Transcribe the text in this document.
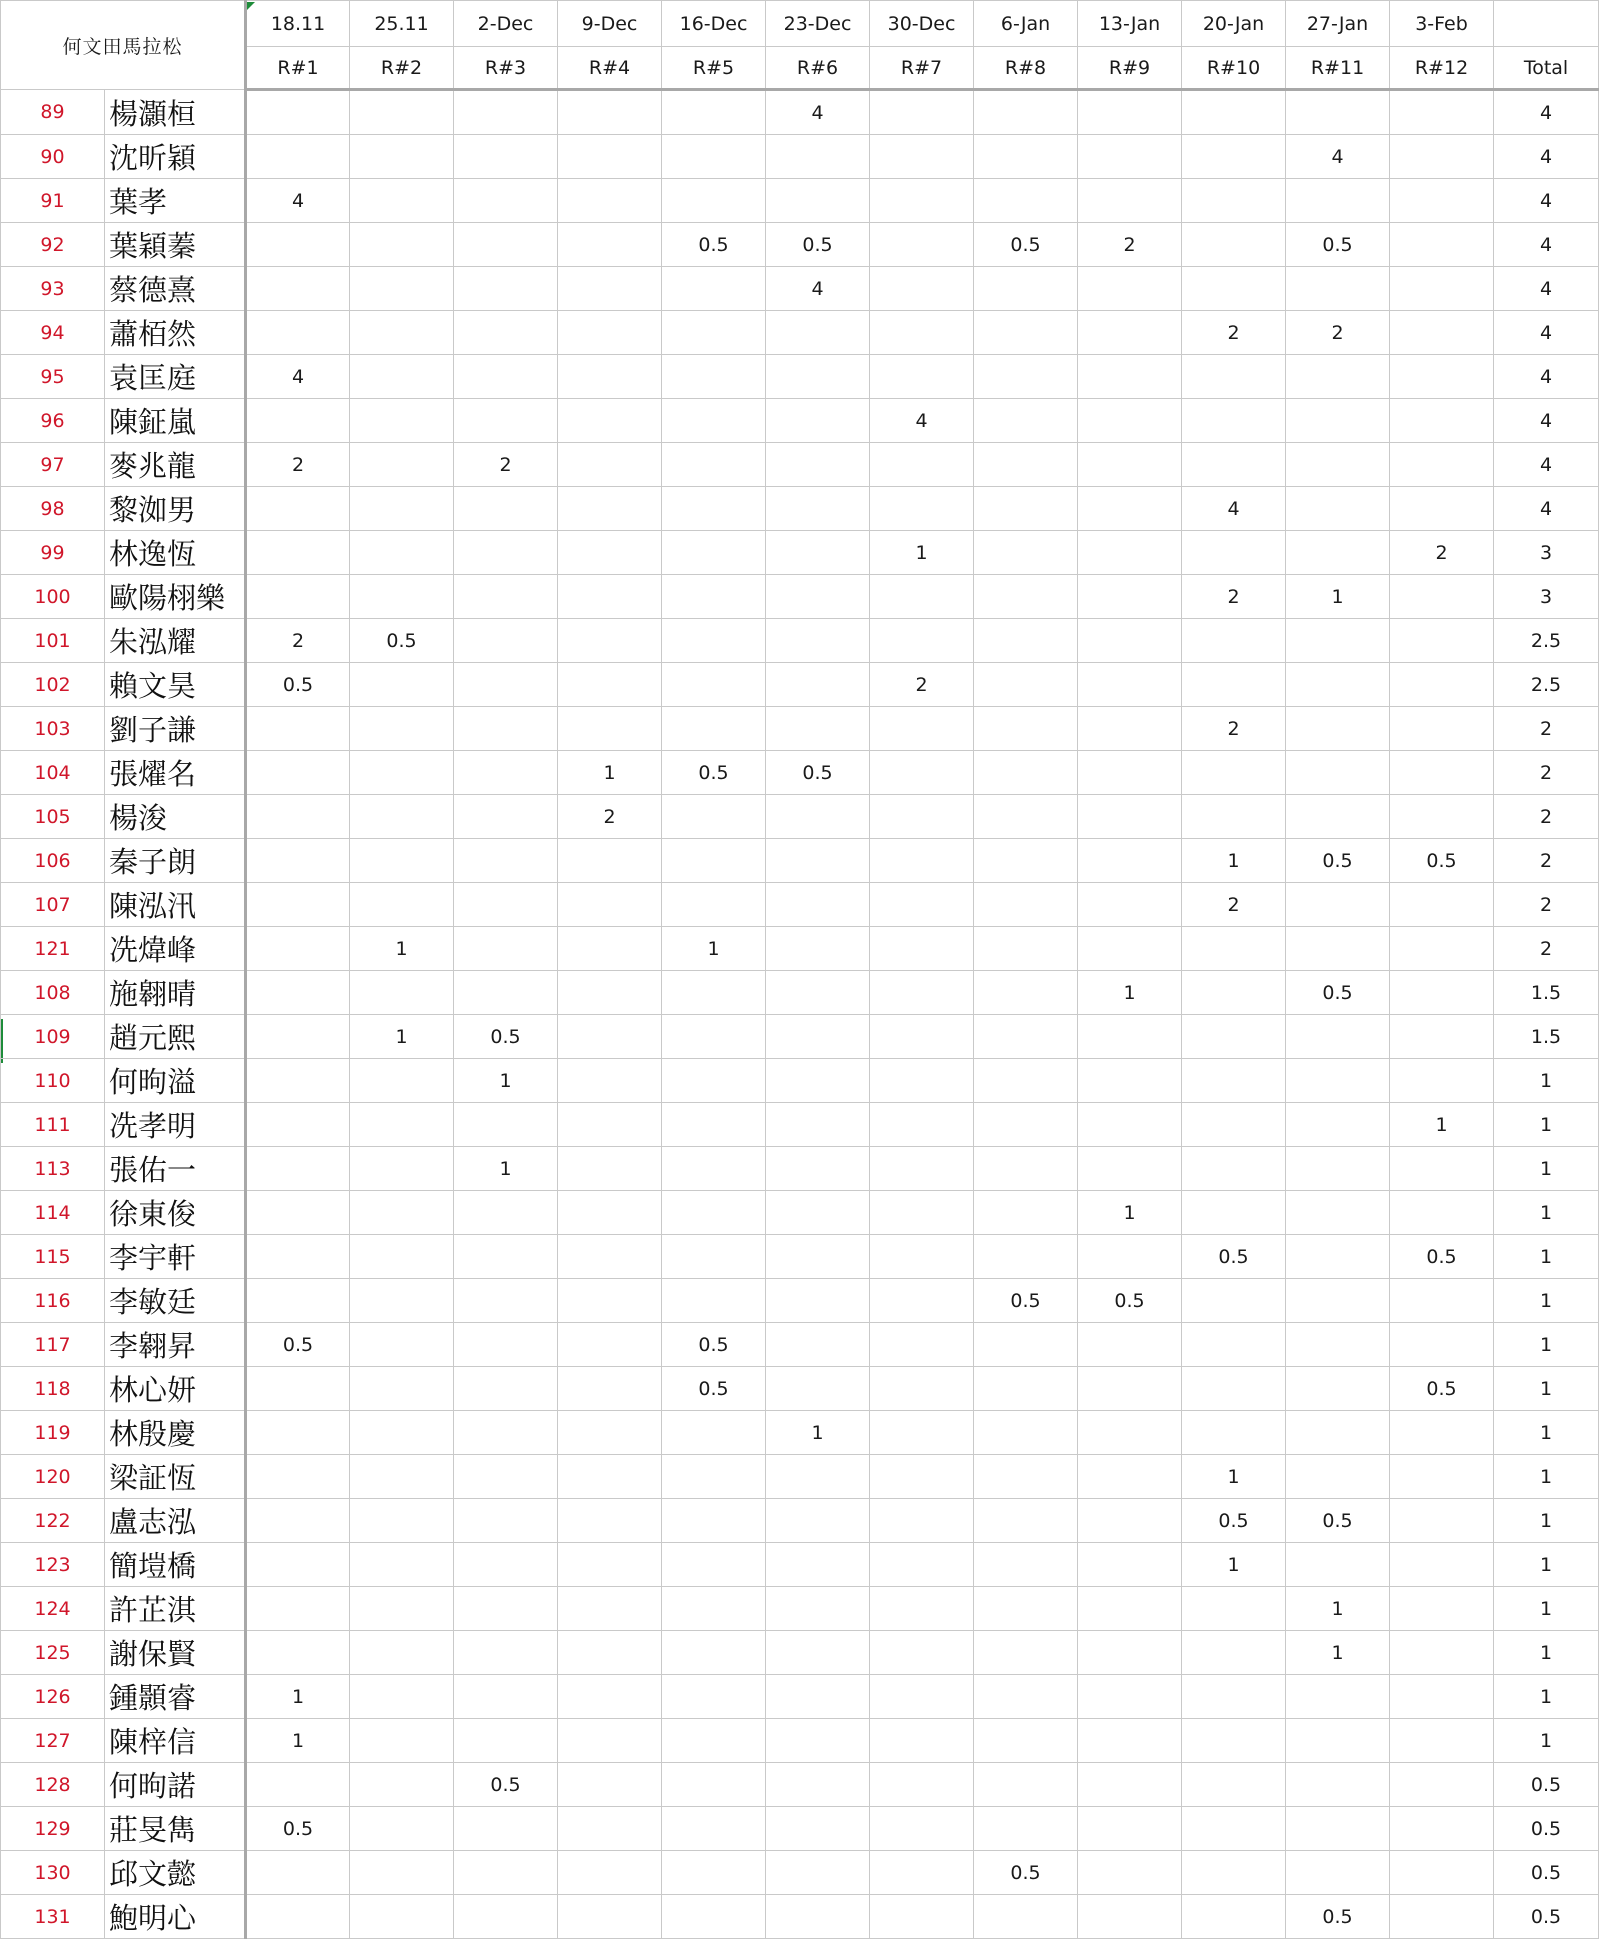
何文田馬拉松		18.11	25.11	2-Dec	9-Dec	16-Dec	23-Dec	30-Dec	6-Jan	13-Jan	20-Jan	27-Jan	3-Feb	
		R#1	R#2	R#3	R#4	R#5	R#6	R#7	R#8	R#9	R#10	R#11	R#12	Total
89	楊灝桓						4							4
90	沈昕穎											4		4
91	葉孝	4												4
92	葉穎蓁					0.5	0.5		0.5	2		0.5		4
93	蔡德熹						4							4
94	蕭栢然										2	2		4
95	袁匡庭	4												4
96	陳鉦嵐							4						4
97	麥兆龍	2		2										4
98	黎洳男										4			4
99	林逸恆							1					2	3
100	歐陽栩樂										2	1		3
101	朱泓耀	2	0.5											2.5
102	賴文昊	0.5						2						2.5
103	劉子謙										2			2
104	張燿名				1	0.5	0.5							2
105	楊浚				2									2
106	秦子朗										1	0.5	0.5	2
107	陳泓汛										2			2
121	冼煒峰		1			1								2
108	施翱晴									1		0.5		1.5
109	趙元熙		1	0.5										1.5
110	何昫溢			1										1
111	冼孝明												1	1
113	張佑一			1										1
114	徐東俊									1				1
115	李宇軒										0.5		0.5	1
116	李敏廷								0.5	0.5				1
117	李翱昇	0.5				0.5								1
118	林心妍					0.5							0.5	1
119	林殷慶						1							1
120	梁証恆										1			1
122	盧志泓										0.5	0.5		1
123	簡塏橋										1			1
124	許芷淇											1		1
125	謝保賢											1		1
126	鍾顥睿	1												1
127	陳梓信	1												1
128	何昫諾			0.5										0.5
129	莊旻雋	0.5												0.5
130	邱文懿								0.5					0.5
131	鮑明心											0.5		0.5
